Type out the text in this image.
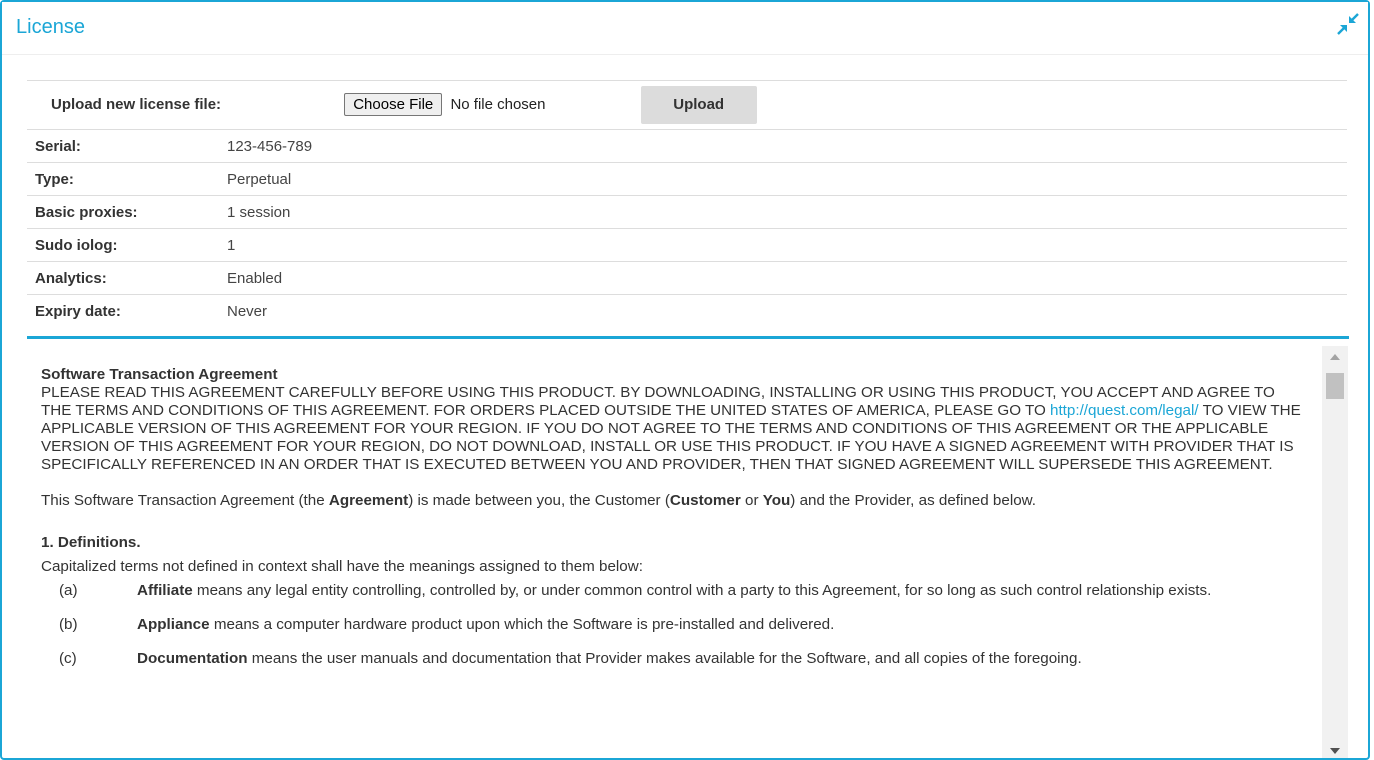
License
Upload new license file: Choose File No file chosen Upload	
Serial:	123-456-789
Type:	Perpetual
Basic proxies:	1 session
Sudo iolog:	1
Analytics:	Enabled
Expiry date:	Never

Software Transaction Agreement

PLEASE READ THIS AGREEMENT CAREFULLY BEFORE USING THIS PRODUCT. BY DOWNLOADING, INSTALLING OR USING THIS PRODUCT, YOU ACCEPT AND AGREE TO THE TERMS AND CONDITIONS OF THIS AGREEMENT. FOR ORDERS PLACED OUTSIDE THE UNITED STATES OF AMERICA, PLEASE GO TO http://quest.com/legal/ TO VIEW THE APPLICABLE VERSION OF THIS AGREEMENT FOR YOUR REGION. IF YOU DO NOT AGREE TO THE TERMS AND CONDITIONS OF THIS AGREEMENT OR THE APPLICABLE VERSION OF THIS AGREEMENT FOR YOUR REGION, DO NOT DOWNLOAD, INSTALL OR USE THIS PRODUCT. IF YOU HAVE A SIGNED AGREEMENT WITH PROVIDER THAT IS SPECIFICALLY REFERENCED IN AN ORDER THAT IS EXECUTED BETWEEN YOU AND PROVIDER, THEN THAT SIGNED AGREEMENT WILL SUPERSEDE THIS AGREEMENT.

This Software Transaction Agreement (the Agreement) is made between you, the Customer (Customer or You) and the Provider, as defined below.

1. Definitions.

Capitalized terms not defined in context shall have the meanings assigned to them below:

(a)	Affiliate means any legal entity controlling, controlled by, or under common control with a party to this Agreement, for so long as such control relationship exists.
(b)	Appliance means a computer hardware product upon which the Software is pre-installed and delivered.
(c)	Documentation means the user manuals and documentation that Provider makes available for the Software, and all copies of the foregoing.
